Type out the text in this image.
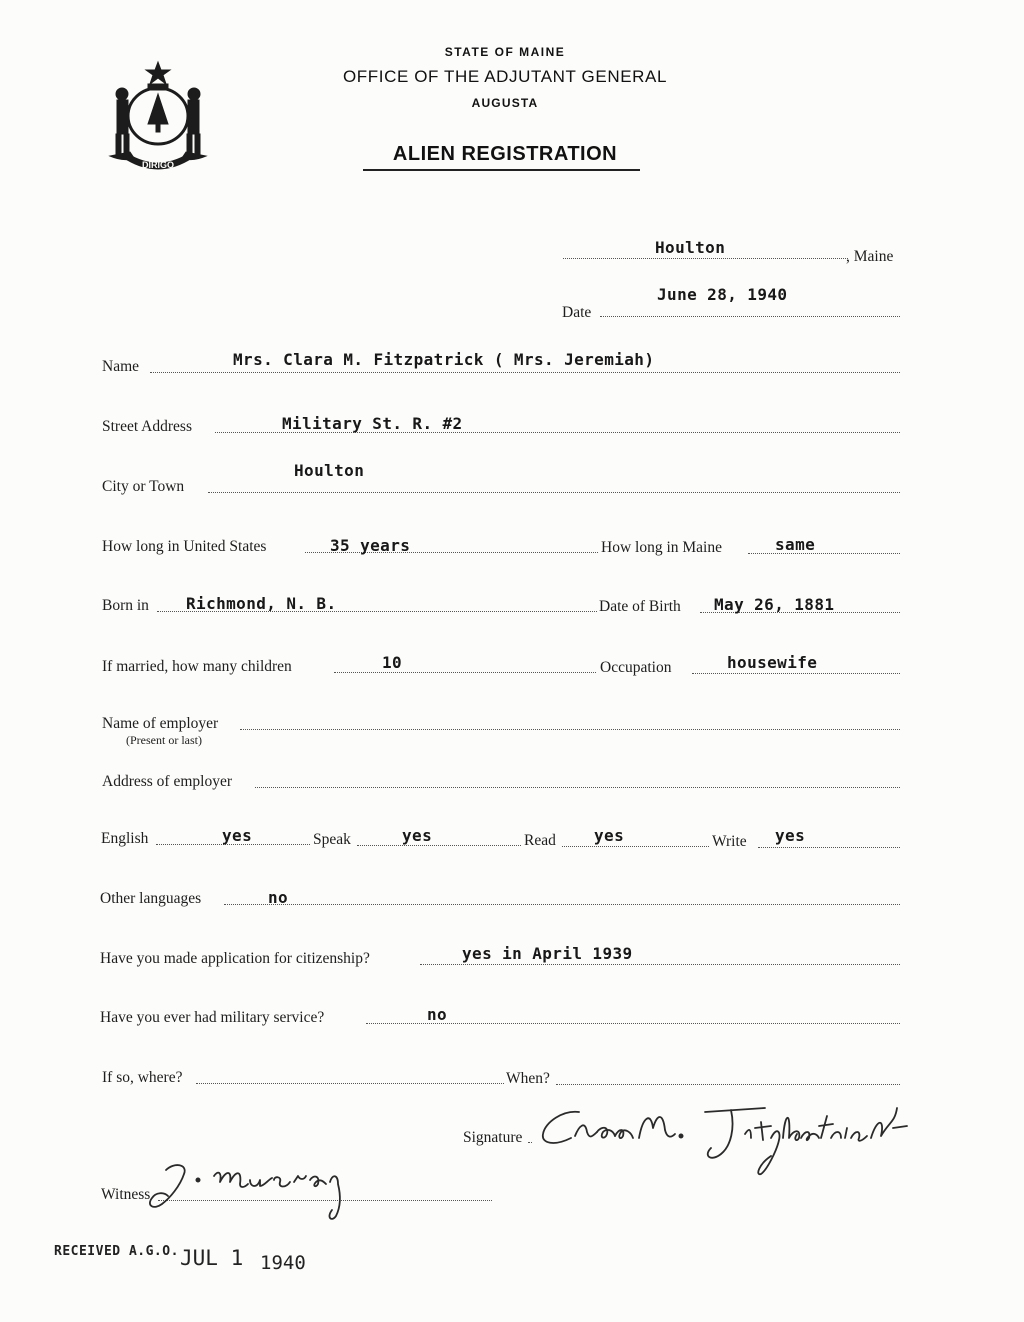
DIRIGO
STATE OF MAINE
OFFICE OF THE ADJUTANT GENERAL
AUGUSTA
ALIEN REGISTRATION
Houlton	, Maine
Date
June 28, 1940
Name	Mrs. Clara M. Fitzpatrick ( Mrs. Jeremiah)
Street Address	Military St. R. #2
City or Town
Houlton
How long in United States	35 years	How long in Maine	same
Born in Richmond, N. B.	Date of Birth May 26, 1881
If married, how many children	10	Occupation	housewife
Name of employer
(Present or last)
Address of employer
English	yes	Speak	yes	Read yes	Write yes
Other languages	no
Have you made application for citizenship?	yes in April 1939
Have you ever had military service?	no
If so, where?	When?
Signature
Witness
RECEIVED A.G.O. JUL 1 1940
